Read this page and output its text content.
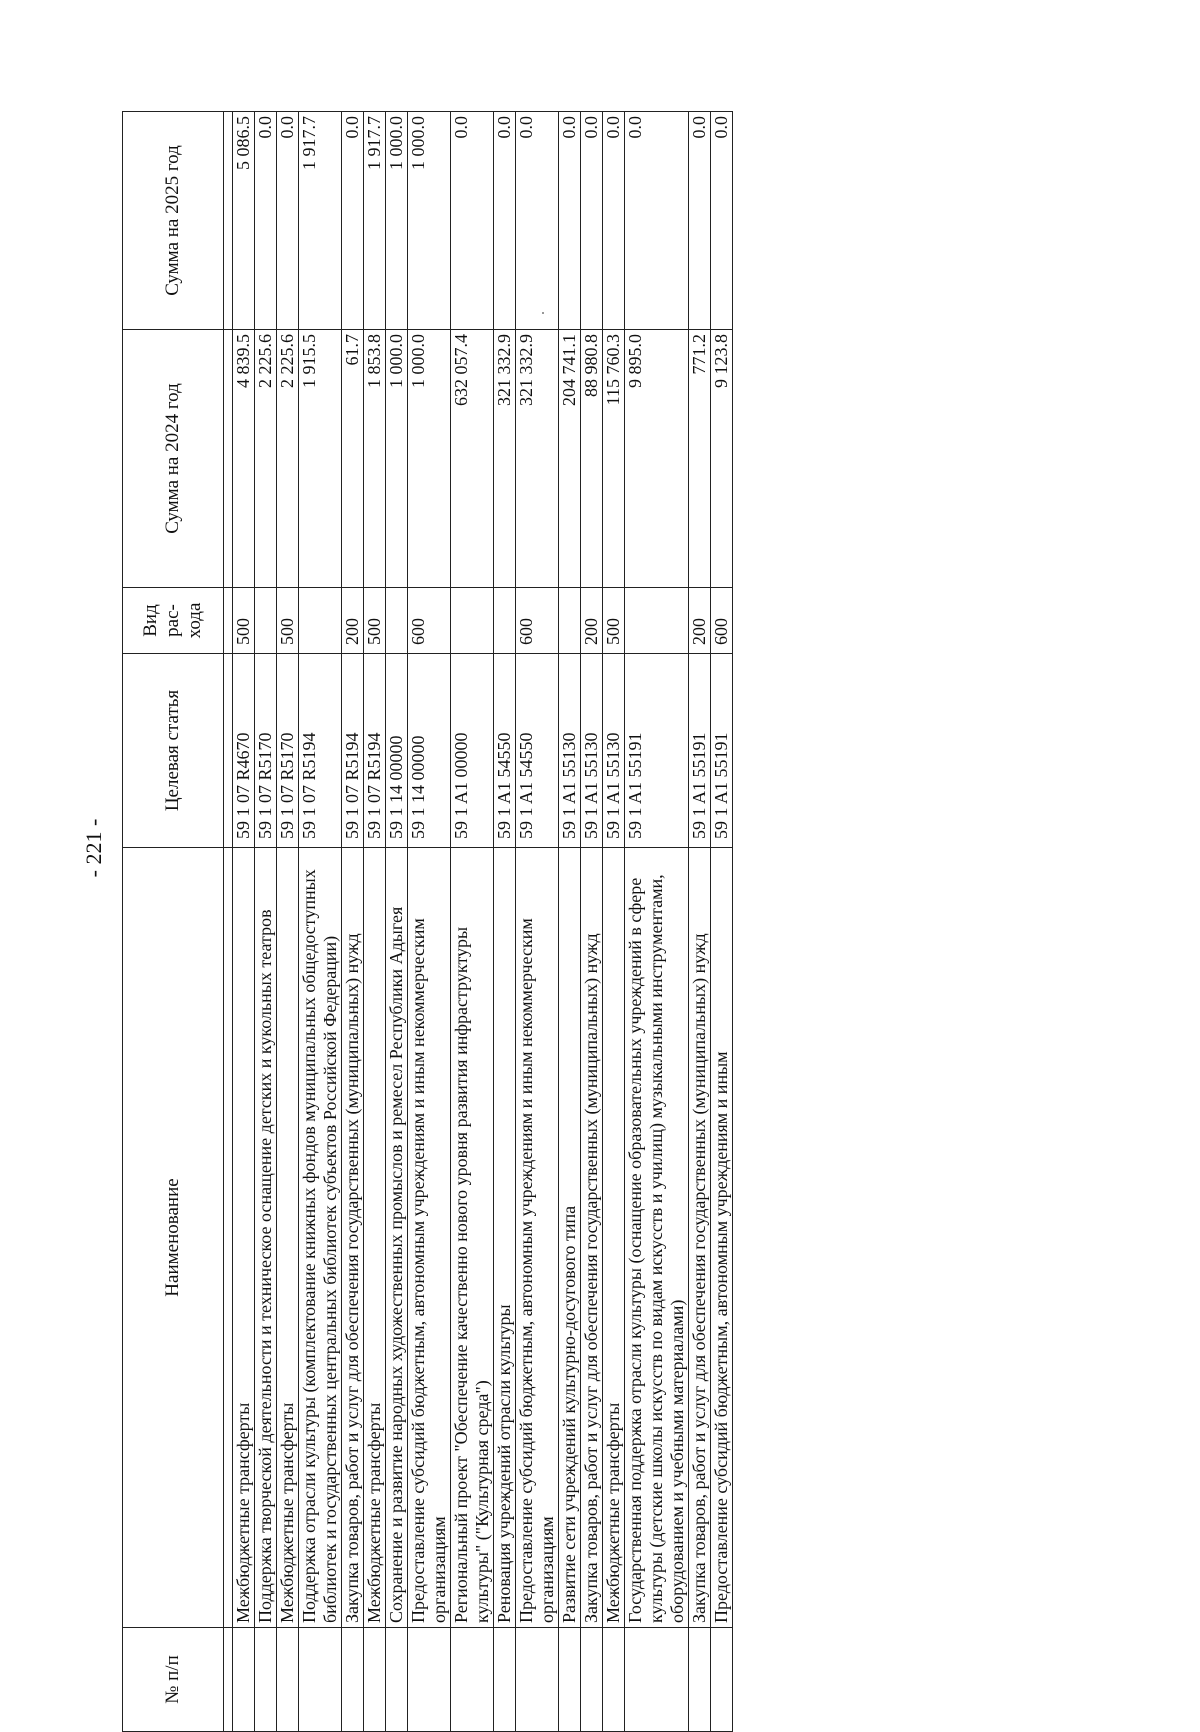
- 221 -
№ п/п	Наименование	Целевая статья	Вид рас-хода	Сумма на 2024 год	Сумма на 2025 год

	Межбюджетные трансферты	59 1 07 R4670	500	4 839.5	5 086.5
	Поддержка творческой деятельности и техническое оснащение детских и кукольных театров	59 1 07 R5170		2 225.6	0.0
	Межбюджетные трансферты	59 1 07 R5170	500	2 225.6	0.0
	Поддержка отрасли культуры (комплектование книжных фондов муниципальных общедоступных библиотек и государственных центральных библиотек субъектов Российской Федерации)	59 1 07 R5194		1 915.5	1 917.7
	Закупка товаров, работ и услуг для обеспечения государственных (муниципальных) нужд	59 1 07 R5194	200	61.7	0.0
	Межбюджетные трансферты	59 1 07 R5194	500	1 853.8	1 917.7
	Сохранение и развитие народных художественных промыслов и ремесел Республики Адыгея	59 1 14 00000		1 000.0	1 000.0
	Предоставление субсидий бюджетным, автономным учреждениям и иным некоммерческим организациям	59 1 14 00000	600	1 000.0	1 000.0
	Региональный проект "Обеспечение качественно нового уровня развития инфраструктуры культуры" ("Культурная среда")	59 1 A1 00000		632 057.4	0.0
	Реновация учреждений отрасли культуры	59 1 A1 54550		321 332.9	0.0
	Предоставление субсидий бюджетным, автономным учреждениям и иным некоммерческим организациям	59 1 A1 54550	600	321 332.9	0.0
	Развитие сети учреждений культурно-досугового типа	59 1 A1 55130		204 741.1	0.0
	Закупка товаров, работ и услуг для обеспечения государственных (муниципальных) нужд	59 1 A1 55130	200	88 980.8	0.0
	Межбюджетные трансферты	59 1 A1 55130	500	115 760.3	0.0
	Государственная поддержка отрасли культуры (оснащение образовательных учреждений в сфере культуры (детские школы искусств по видам искусств и училищ) музыкальными инструментами, оборудованием и учебными материалами)	59 1 A1 55191		9 895.0	0.0
	Закупка товаров, работ и услуг для обеспечения государственных (муниципальных) нужд	59 1 A1 55191	200	771.2	0.0
	Предоставление субсидий бюджетным, автономным учреждениям и иным	59 1 A1 55191	600	9 123.8	0.0
